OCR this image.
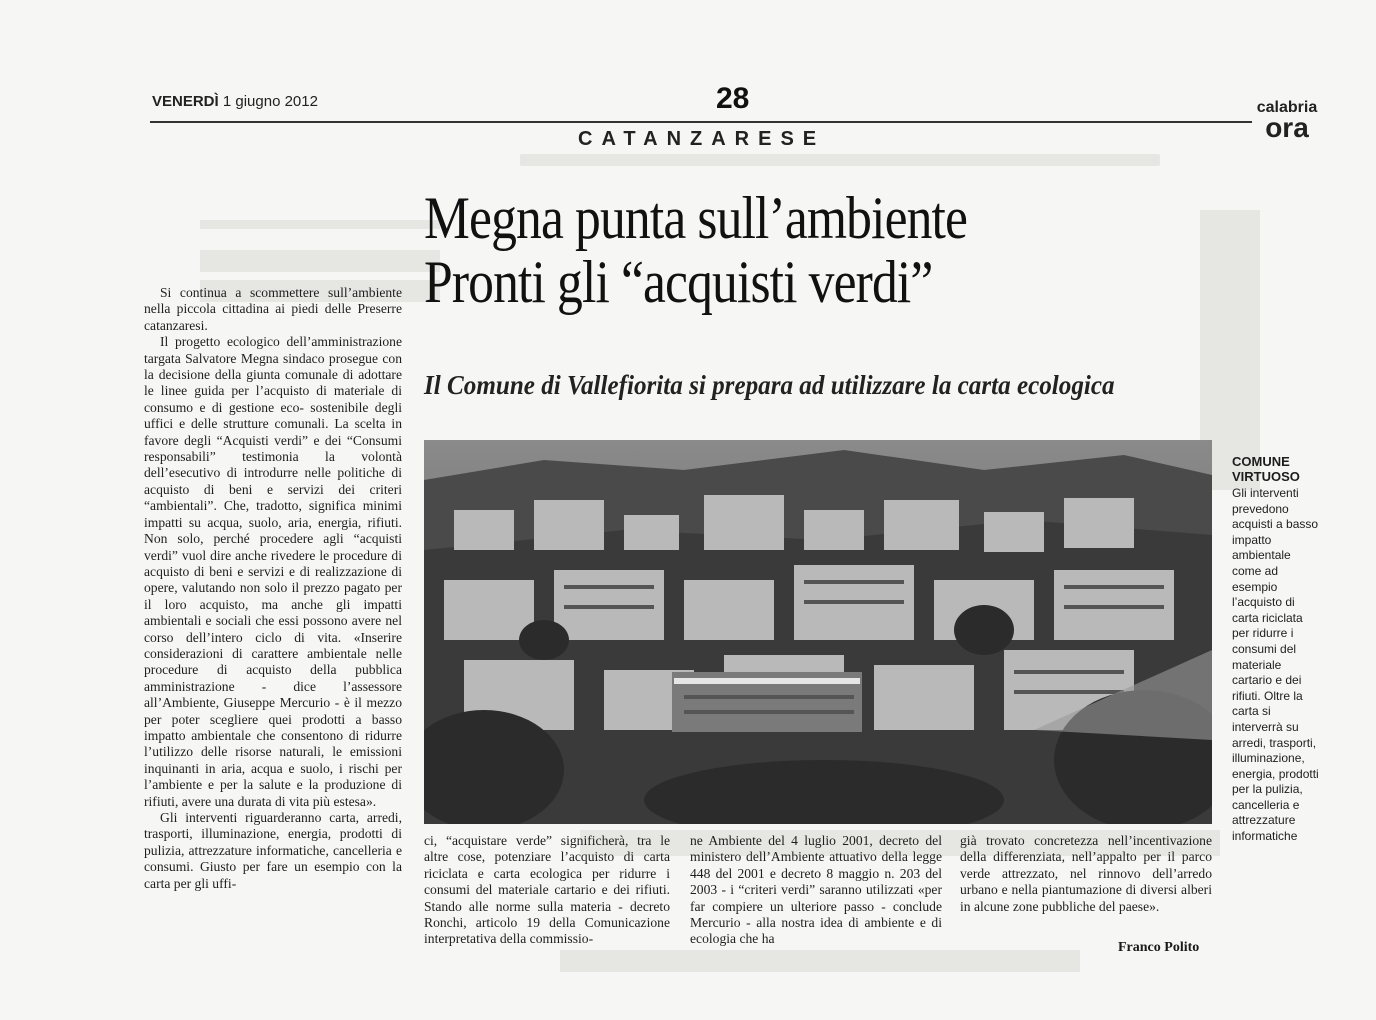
VENERDÌ 1 giugno 2012	28
CATANZARESE
calabria
ora
Megna punta sull’ambiente
Pronti gli “acquisti verdi”
Il Comune di Vallefiorita si prepara ad utilizzare la carta ecologica

Si continua a scommettere sull’ambiente nella piccola cittadina ai piedi delle Preserre catanzaresi.

Il progetto ecologico dell’amministrazione targata Salvatore Megna sindaco prosegue con la decisione della giunta comunale di adottare le linee guida per l’acquisto di materiale di consumo e di gestione eco- sostenibile degli uffici e delle strutture comunali. La scelta in favore degli “Acquisti verdi” e dei “Consumi responsabili” testimonia la volontà dell’esecutivo di introdurre nelle politiche di acquisto di beni e servizi dei criteri “ambientali”. Che, tradotto, significa minimi impatti su acqua, suolo, aria, energia, rifiuti. Non solo, perché procedere agli “acquisti verdi” vuol dire anche rivedere le procedure di acquisto di beni e servizi e di realizzazione di opere, valutando non solo il prezzo pagato per il loro acquisto, ma anche gli impatti ambientali e sociali che essi possono avere nel corso dell’intero ciclo di vita. «Inserire considerazioni di carattere ambientale nelle procedure di acquisto della pubblica amministrazione - dice l’assessore all’Ambiente, Giuseppe Mercurio - è il mezzo per poter scegliere quei prodotti a basso impatto ambientale che consentono di ridurre l’utilizzo delle risorse naturali, le emissioni inquinanti in aria, acqua e suolo, i rischi per l’ambiente e per la salute e la produzione di rifiuti, avere una durata di vita più estesa».

Gli interventi riguarderanno carta, arredi, trasporti, illuminazione, energia, prodotti di pulizia, attrezzature informatiche, cancelleria e consumi. Giusto per fare un esempio con la carta per gli uffi-

ci, “acquistare verde” significherà, tra le altre cose, potenziare l’acquisto di carta riciclata e carta ecologica per ridurre i consumi del materiale cartario e dei rifiuti. Stando alle norme sulla materia - decreto Ronchi, articolo 19 della Comunicazione interpretativa della commissio-
ne Ambiente del 4 luglio 2001, decreto del ministero dell’Ambiente attuativo della legge 448 del 2001 e decreto 8 maggio n. 203 del 2003 - i “criteri verdi” saranno utilizzati «per far compiere un ulteriore passo - conclude Mercurio - alla nostra idea di ambiente e di ecologia che ha
già trovato concretezza nell’incentivazione della differenziata, nell’appalto per il parco verde attrezzato, nel rinnovo dell’arredo urbano e nella piantumazione di diversi alberi in alcune zone pubbliche del paese».
Franco Polito
COMUNE
VIRTUOSO
Gli interventi prevedono acquisti a basso impatto ambientale come ad esempio l’acquisto di carta riciclata per ridurre i consumi del materiale cartario e dei rifiuti. Oltre la carta si interverrà su arredi, trasporti, illuminazione, energia, prodotti per la pulizia, cancelleria e attrezzature informatiche
